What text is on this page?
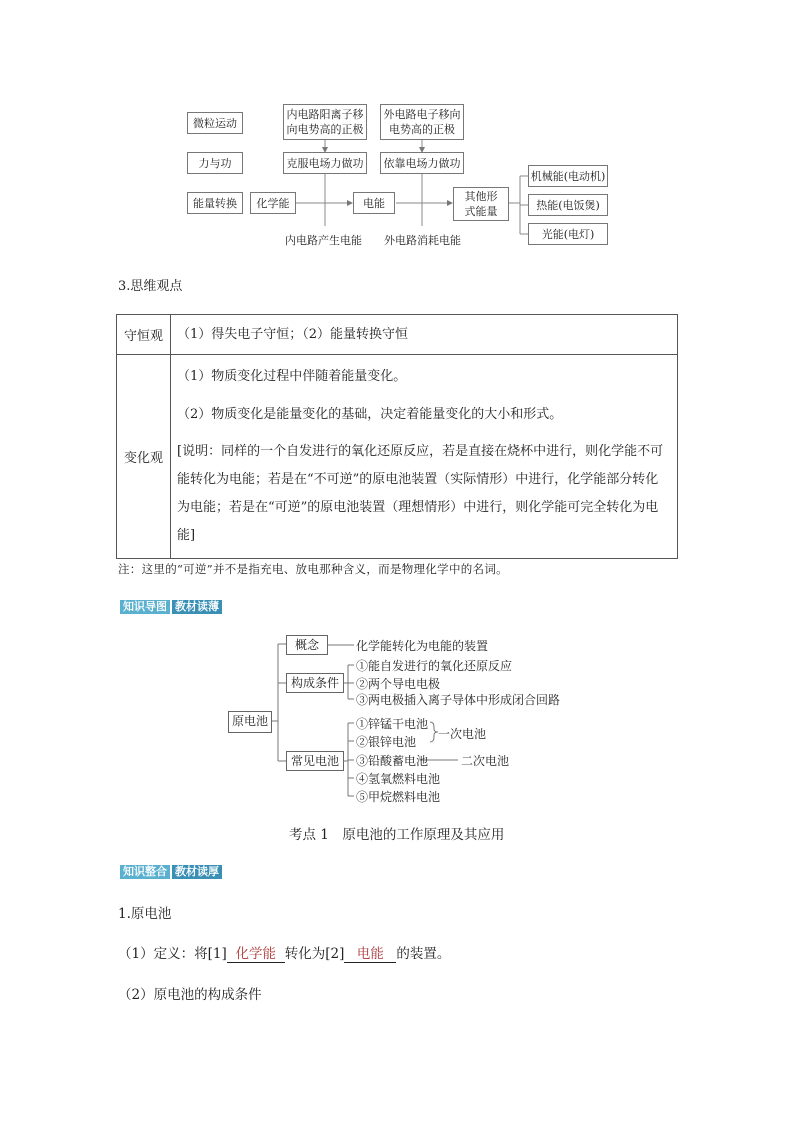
微粒运动
力与功
能量转换
内电路阳离子移向电势高的正极
外电路电子移向电势高的正极
克服电场力做功	依靠电场力做功
化学能	电能	其他形式能量
机械能(电动机)
热能(电饭煲)
光能(电灯)
内电路产生电能 外电路消耗电能
3.思维观点
守恒观	（1）得失电子守恒；（2）能量转换守恒

变化观	（1）物质变化过程中伴随着能量变化。
（2）物质变化是能量变化的基础，决定着能量变化的大小和形式。
[说明：同样的一个自发进行的氧化还原反应，若是直接在烧杯中进行，则化学能不可能转化为电能；若是在“不可逆”的原电池装置（实际情形）中进行，化学能部分转化为电能；若是在“可逆”的原电池装置（理想情形）中进行，则化学能可完全转化为电能]
注：这里的“可逆”并不是指充电、放电那种含义，而是物理化学中的名词。
知识导图 教材读薄
原电池
概念
构成条件
常见电池
化学能转化为电能的装置
①能自发进行的氧化还原反应
②两个导电电极
③两电极插入离子导体中形成闭合回路
①锌锰干电池
②银锌电池
③铅酸蓄电池
④氢氧燃料电池
⑤甲烷燃料电池
一次电池
二次电池
考点 1　原电池的工作原理及其应用
知识整合 教材读厚
1.原电池
（1）定义：将[1] 化学能 转化为[2] 电能 的装置。
（2）原电池的构成条件
